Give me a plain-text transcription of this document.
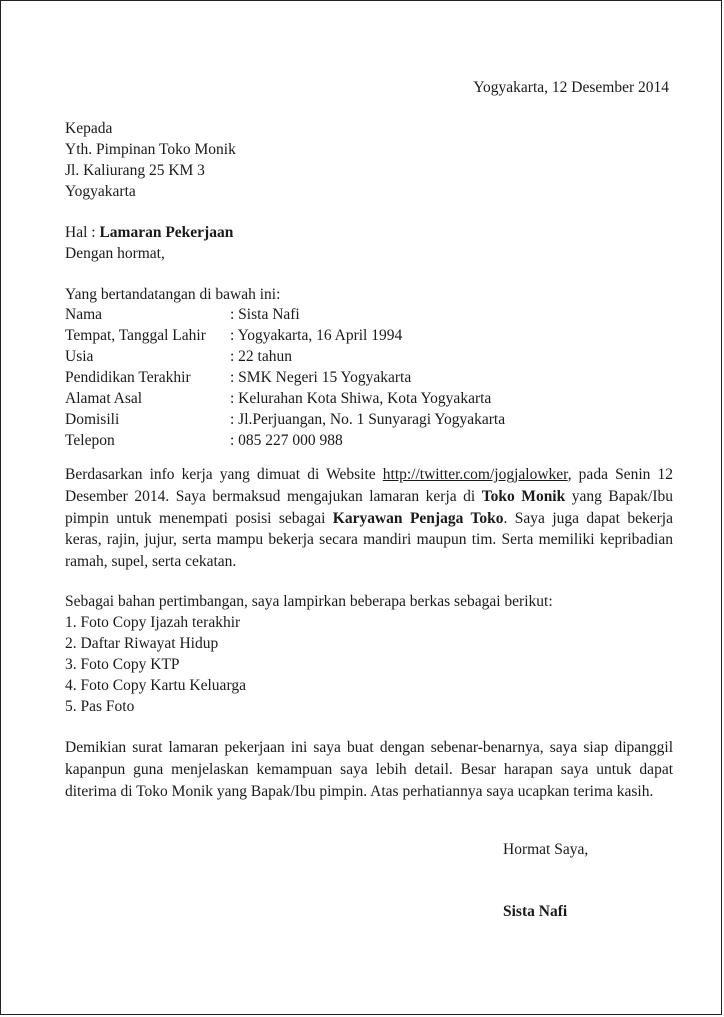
Yogyakarta, 12 Desember 2014
Kepada
Yth. Pimpinan Toko Monik
Jl. Kaliurang 25 KM 3
Yogyakarta
Hal : Lamaran Pekerjaan
Dengan hormat,
Yang bertandatangan di bawah ini:
Nama	: Sista Nafi
Tempat, Tanggal Lahir : Yogyakarta, 16 April 1994
Usia	: 22 tahun
Pendidikan Terakhir	: SMK Negeri 15 Yogyakarta
Alamat Asal	: Kelurahan Kota Shiwa, Kota Yogyakarta
Domisili	: Jl.Perjuangan, No. 1 Sunyaragi Yogyakarta
Telepon	: 085 227 000 988
Berdasarkan info kerja yang dimuat di Website http://twitter.com/jogjalowker, pada Senin 12 Desember 2014. Saya bermaksud mengajukan lamaran kerja di Toko Monik yang Bapak/Ibu pimpin untuk menempati posisi sebagai Karyawan Penjaga Toko. Saya juga dapat bekerja keras, rajin, jujur, serta mampu bekerja secara mandiri maupun tim. Serta memiliki kepribadian ramah, supel, serta cekatan.
Sebagai bahan pertimbangan, saya lampirkan beberapa berkas sebagai berikut:
1. Foto Copy Ijazah terakhir
2. Daftar Riwayat Hidup
3. Foto Copy KTP
4. Foto Copy Kartu Keluarga
5. Pas Foto
Demikian surat lamaran pekerjaan ini saya buat dengan sebenar-benarnya, saya siap dipanggil kapanpun guna menjelaskan kemampuan saya lebih detail. Besar harapan saya untuk dapat diterima di Toko Monik yang Bapak/Ibu pimpin. Atas perhatiannya saya ucapkan terima kasih.
Hormat Saya,
Sista Nafi
